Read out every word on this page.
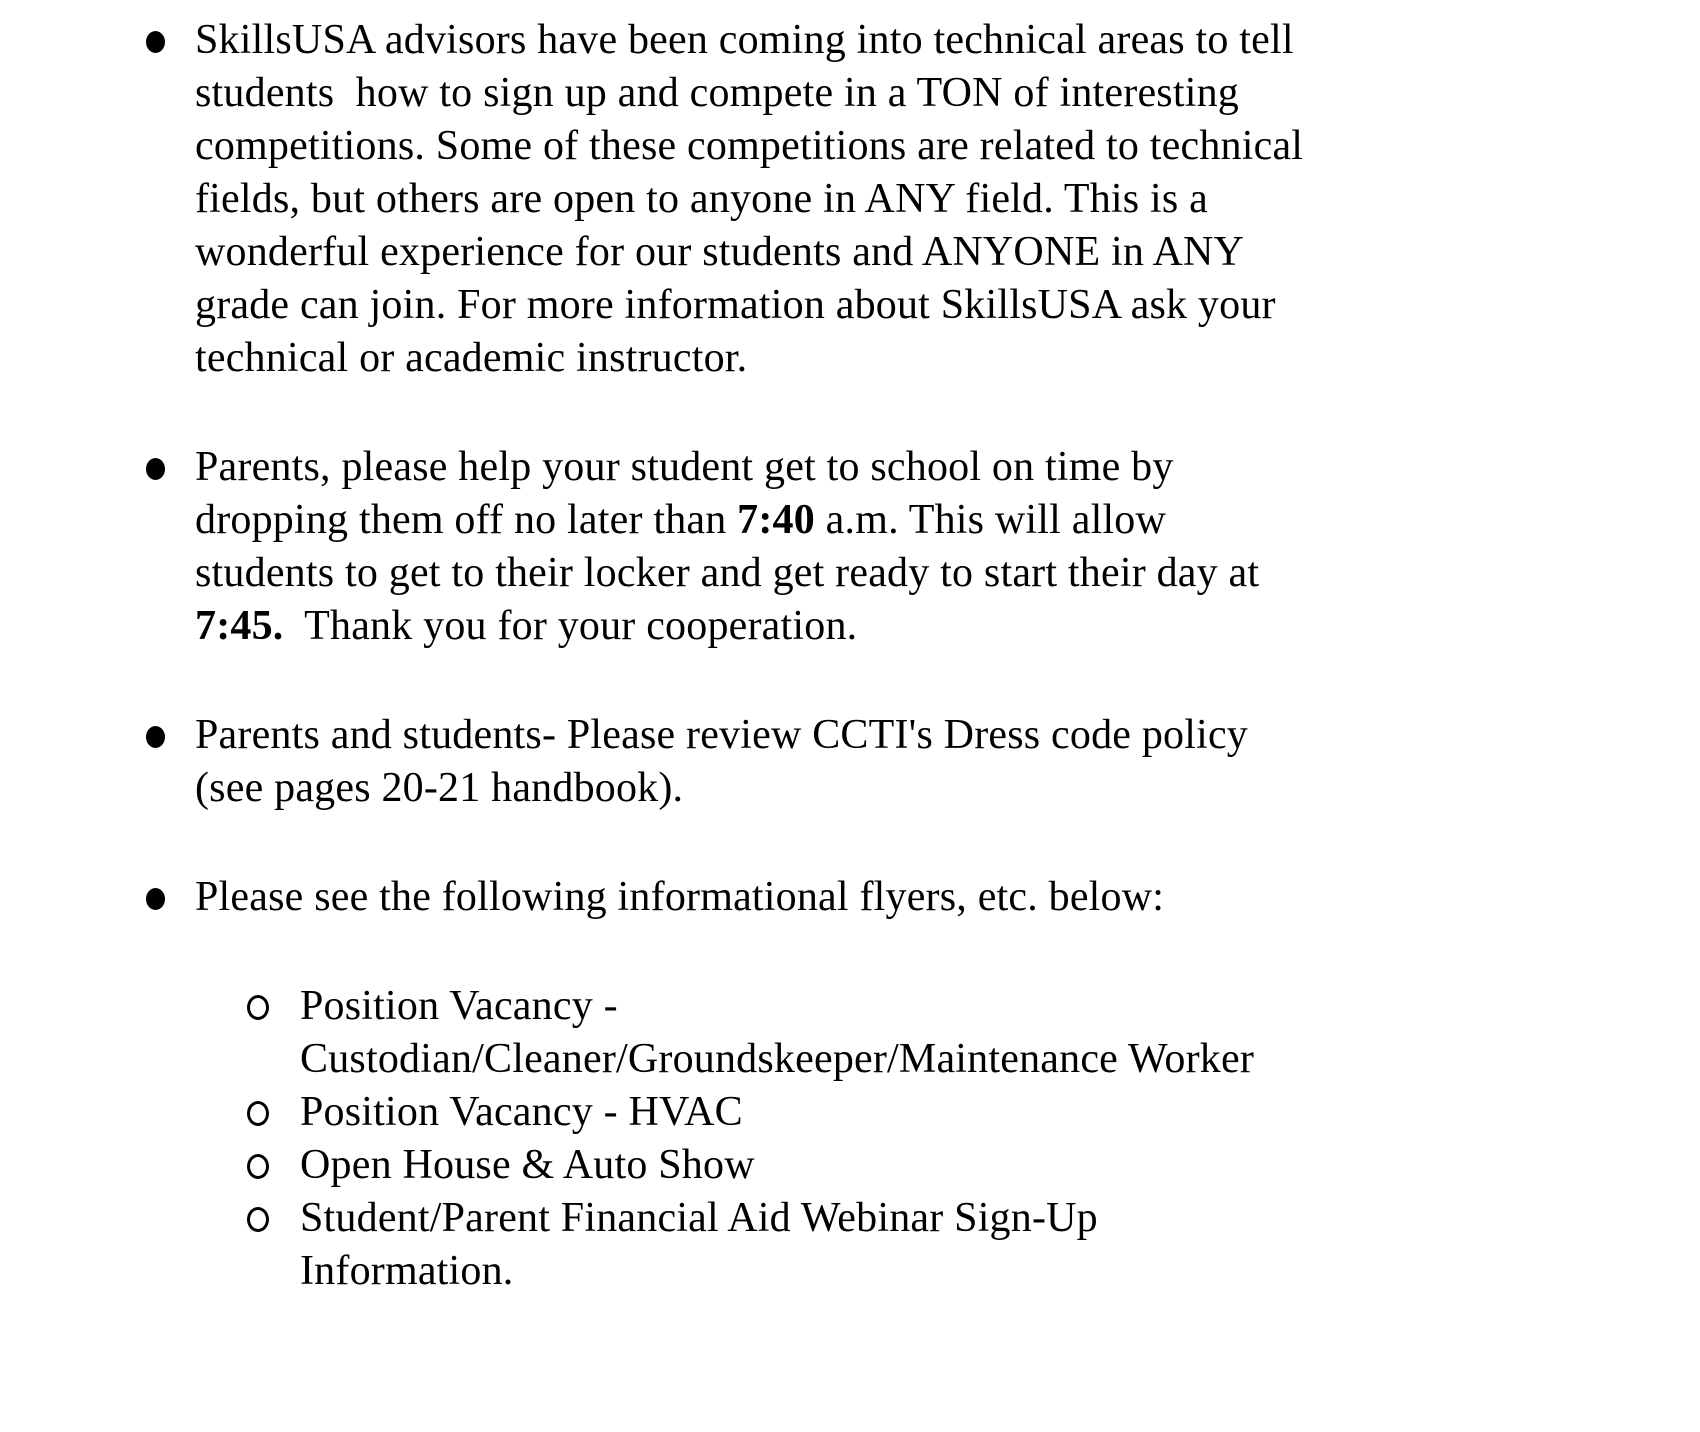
SkillsUSA advisors have been coming into technical areas to tell
students  how to sign up and compete in a TON of interesting
competitions. Some of these competitions are related to technical
fields, but others are open to anyone in ANY field. This is a
wonderful experience for our students and ANYONE in ANY
grade can join. For more information about SkillsUSA ask your
technical or academic instructor.

Parents, please help your student get to school on time by
dropping them off no later than 7:40 a.m. This will allow
students to get to their locker and get ready to start their day at
7:45.  Thank you for your cooperation.

Parents and students- Please review CCTI's Dress code policy
(see pages 20-21 handbook).

Please see the following informational flyers, etc. below:

Position Vacancy -
Custodian/Cleaner/Groundskeeper/Maintenance Worker

Position Vacancy - HVAC

Open House & Auto Show

Student/Parent Financial Aid Webinar Sign-Up
Information.
